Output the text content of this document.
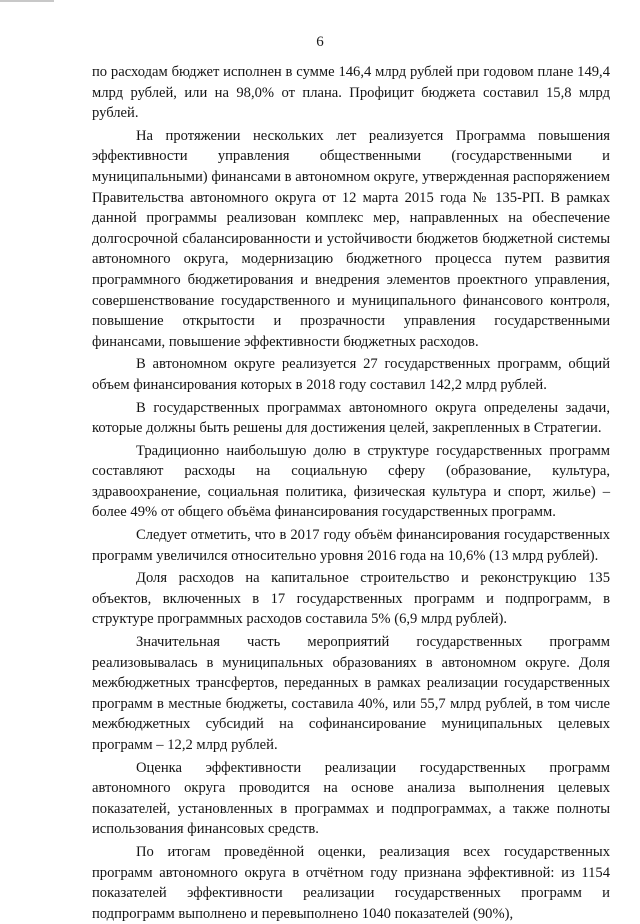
6

по расходам бюджет исполнен в сумме 146,4 млрд рублей при годовом плане 149,4 млрд рублей, или на 98,0% от плана. Профицит бюджета составил 15,8 млрд рублей.

На протяжении нескольких лет реализуется Программа повышения эффективности управления общественными (государственными и муниципальными) финансами в автономном округе, утвержденная распоряжением Правительства автономного округа от 12 марта 2015 года № 135-РП. В рамках данной программы реализован комплекс мер, направленных на обеспечение долгосрочной сбалансированности и устойчивости бюджетов бюджетной системы автономного округа, модернизацию бюджетного процесса путем развития программного бюджетирования и внедрения элементов проектного управления, совершенствование государственного и муниципального финансового контроля, повышение открытости и прозрачности управления государственными финансами, повышение эффективности бюджетных расходов.

В автономном округе реализуется 27 государственных программ, общий объем финансирования которых в 2018 году составил 142,2 млрд рублей.

В государственных программах автономного округа определены задачи, которые должны быть решены для достижения целей, закрепленных в Стратегии.

Традиционно наибольшую долю в структуре государственных программ составляют расходы на социальную сферу (образование, культура, здравоохранение, социальная политика, физическая культура и спорт, жилье) – более 49% от общего объёма финансирования государственных программ.

Следует отметить, что в 2017 году объём финансирования государственных программ увеличился относительно уровня 2016 года на 10,6% (13 млрд рублей).

Доля расходов на капитальное строительство и реконструкцию 135 объектов, включенных в 17 государственных программ и подпрограмм, в структуре программных расходов составила 5% (6,9 млрд рублей).

Значительная часть мероприятий государственных программ реализовывалась в муниципальных образованиях в автономном округе. Доля межбюджетных трансфертов, переданных в рамках реализации государственных программ в местные бюджеты, составила 40%, или 55,7 млрд рублей, в том числе межбюджетных субсидий на софинансирование муниципальных целевых программ – 12,2 млрд рублей.

Оценка эффективности реализации государственных программ автономного округа проводится на основе анализа выполнения целевых показателей, установленных в программах и подпрограммах, а также полноты использования финансовых средств.

По итогам проведённой оценки, реализация всех государственных программ автономного округа в отчётном году признана эффективной: из 1154 показателей эффективности реализации государственных программ и подпрограмм выполнено и перевыполнено 1040 показателей (90%),
